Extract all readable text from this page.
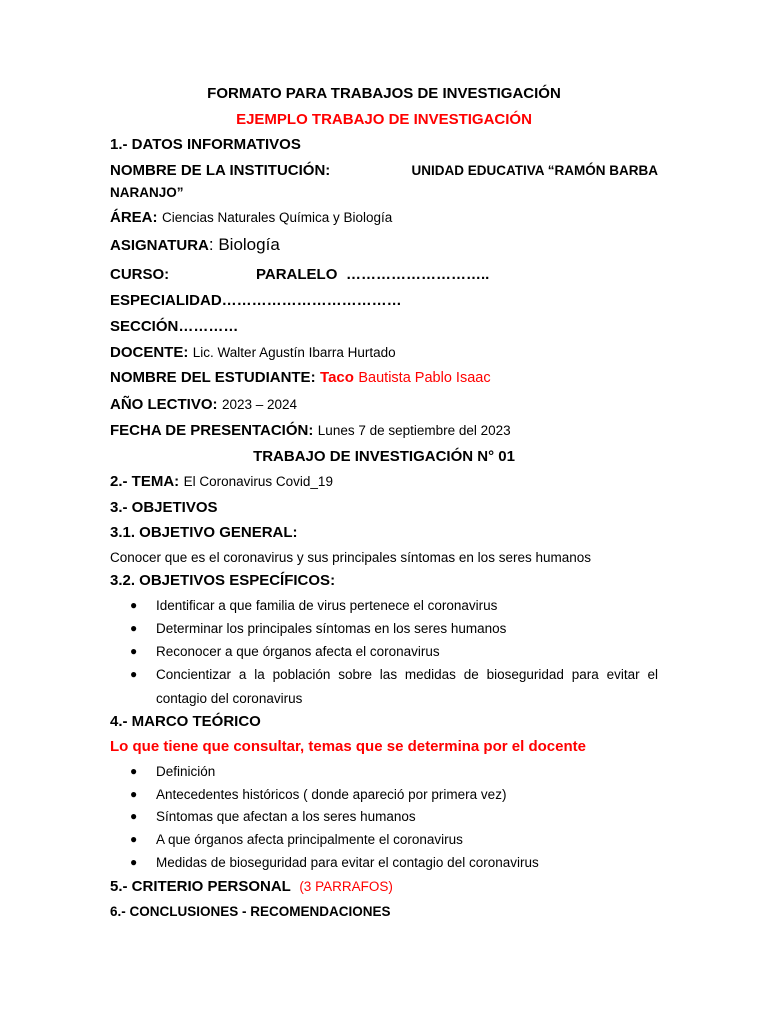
FORMATO PARA TRABAJOS DE INVESTIGACIÓN
EJEMPLO TRABAJO DE INVESTIGACIÓN
1.- DATOS INFORMATIVOS
NOMBRE DE LA INSTITUCIÓN:	UNIDAD EDUCATIVA “RAMÓN BARBA
NARANJO”
ÁREA: Ciencias Naturales Química y Biología
ASIGNATURA: Biología
CURSO:	PARALELO ………………………..
ESPECIALIDAD………………………………
SECCIÓN…………
DOCENTE: Lic. Walter Agustín Ibarra Hurtado
NOMBRE DEL ESTUDIANTE: Taco Bautista Pablo Isaac
AÑO LECTIVO: 2023 – 2024
FECHA DE PRESENTACIÓN: Lunes 7 de septiembre del 2023
TRABAJO DE INVESTIGACIÓN N° 01
2.- TEMA: El Coronavirus Covid_19
3.- OBJETIVOS
3.1. OBJETIVO GENERAL:
Conocer que es el coronavirus y sus principales síntomas en los seres humanos
3.2. OBJETIVOS ESPECÍFICOS:
● Identificar a que familia de virus pertenece el coronavirus
● Determinar los principales síntomas en los seres humanos
● Reconocer a que órganos afecta el coronavirus
● Concientizar a la población sobre las medidas de bioseguridad para evitar el
contagio del coronavirus
4.- MARCO TEÓRICO
Lo que tiene que consultar, temas que se determina por el docente
● Definición
● Antecedentes históricos ( donde apareció por primera vez)
● Síntomas que afectan a los seres humanos
● A que órganos afecta principalmente el coronavirus
● Medidas de bioseguridad para evitar el contagio del coronavirus
5.- CRITERIO PERSONAL (3 PARRAFOS)
6.- CONCLUSIONES - RECOMENDACIONES
